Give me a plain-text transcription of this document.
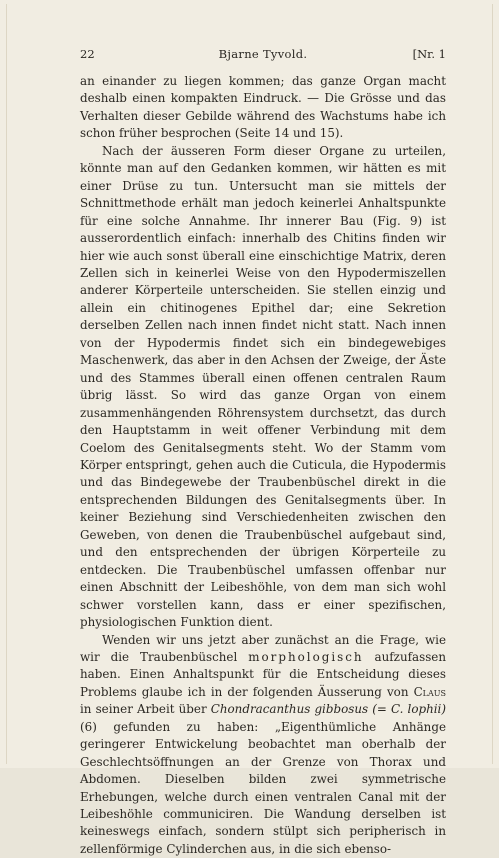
22	Bjarne Tyvold.	[Nr. 1

an einander zu liegen kommen; das ganze Organ macht deshalb einen kompakten Eindruck. — Die Grösse und das Verhalten dieser Gebilde während des Wachstums habe ich schon früher besprochen (Seite 14 und 15).

Nach der äusseren Form dieser Organe zu urteilen, könnte man auf den Gedanken kommen, wir hätten es mit einer Drüse zu tun. Untersucht man sie mittels der Schnittmethode erhält man jedoch keinerlei Anhaltspunkte für eine solche Annahme. Ihr innerer Bau (Fig. 9) ist ausserordentlich einfach: innerhalb des Chitins finden wir hier wie auch sonst überall eine einschichtige Matrix, deren Zellen sich in keinerlei Weise von den Hypodermiszellen anderer Körperteile unterscheiden. Sie stellen einzig und allein ein chitinogenes Epithel dar; eine Sekretion derselben Zellen nach innen findet nicht statt. Nach innen von der Hypodermis findet sich ein bindegewebiges Maschenwerk, das aber in den Achsen der Zweige, der Äste und des Stammes überall einen offenen centralen Raum übrig lässt. So wird das ganze Organ von einem zusammenhängenden Röhrensystem durchsetzt, das durch den Hauptstamm in weit offener Verbindung mit dem Coelom des Genitalsegments steht. Wo der Stamm vom Körper entspringt, gehen auch die Cuticula, die Hypodermis und das Bindegewebe der Traubenbüschel direkt in die entsprechenden Bildungen des Genitalsegments über. In keiner Beziehung sind Verschiedenheiten zwischen den Geweben, von denen die Traubenbüschel aufgebaut sind, und den entsprechenden der übrigen Körperteile zu entdecken. Die Traubenbüschel umfassen offenbar nur einen Abschnitt der Leibeshöhle, von dem man sich wohl schwer vorstellen kann, dass er einer spezifischen, physiologischen Funktion dient.

Wenden wir uns jetzt aber zunächst an die Frage, wie wir die Traubenbüschel morphologisch aufzufassen haben. Einen Anhaltspunkt für die Entscheidung dieses Problems glaube ich in der folgenden Äusserung von Claus in seiner Arbeit über Chondracanthus gibbosus (= C. lophii) (6) gefunden zu haben: „Eigenthümliche Anhänge geringerer Entwickelung beobachtet man oberhalb der Geschlechtsöffnungen an der Grenze von Thorax und Abdomen. Dieselben bilden zwei symmetrische Erhebungen, welche durch einen ventralen Canal mit der Leibeshöhle communiciren. Die Wandung derselben ist keineswegs einfach, sondern stülpt sich peripherisch in zellenförmige Cylinderchen aus, in die sich ebenso-
